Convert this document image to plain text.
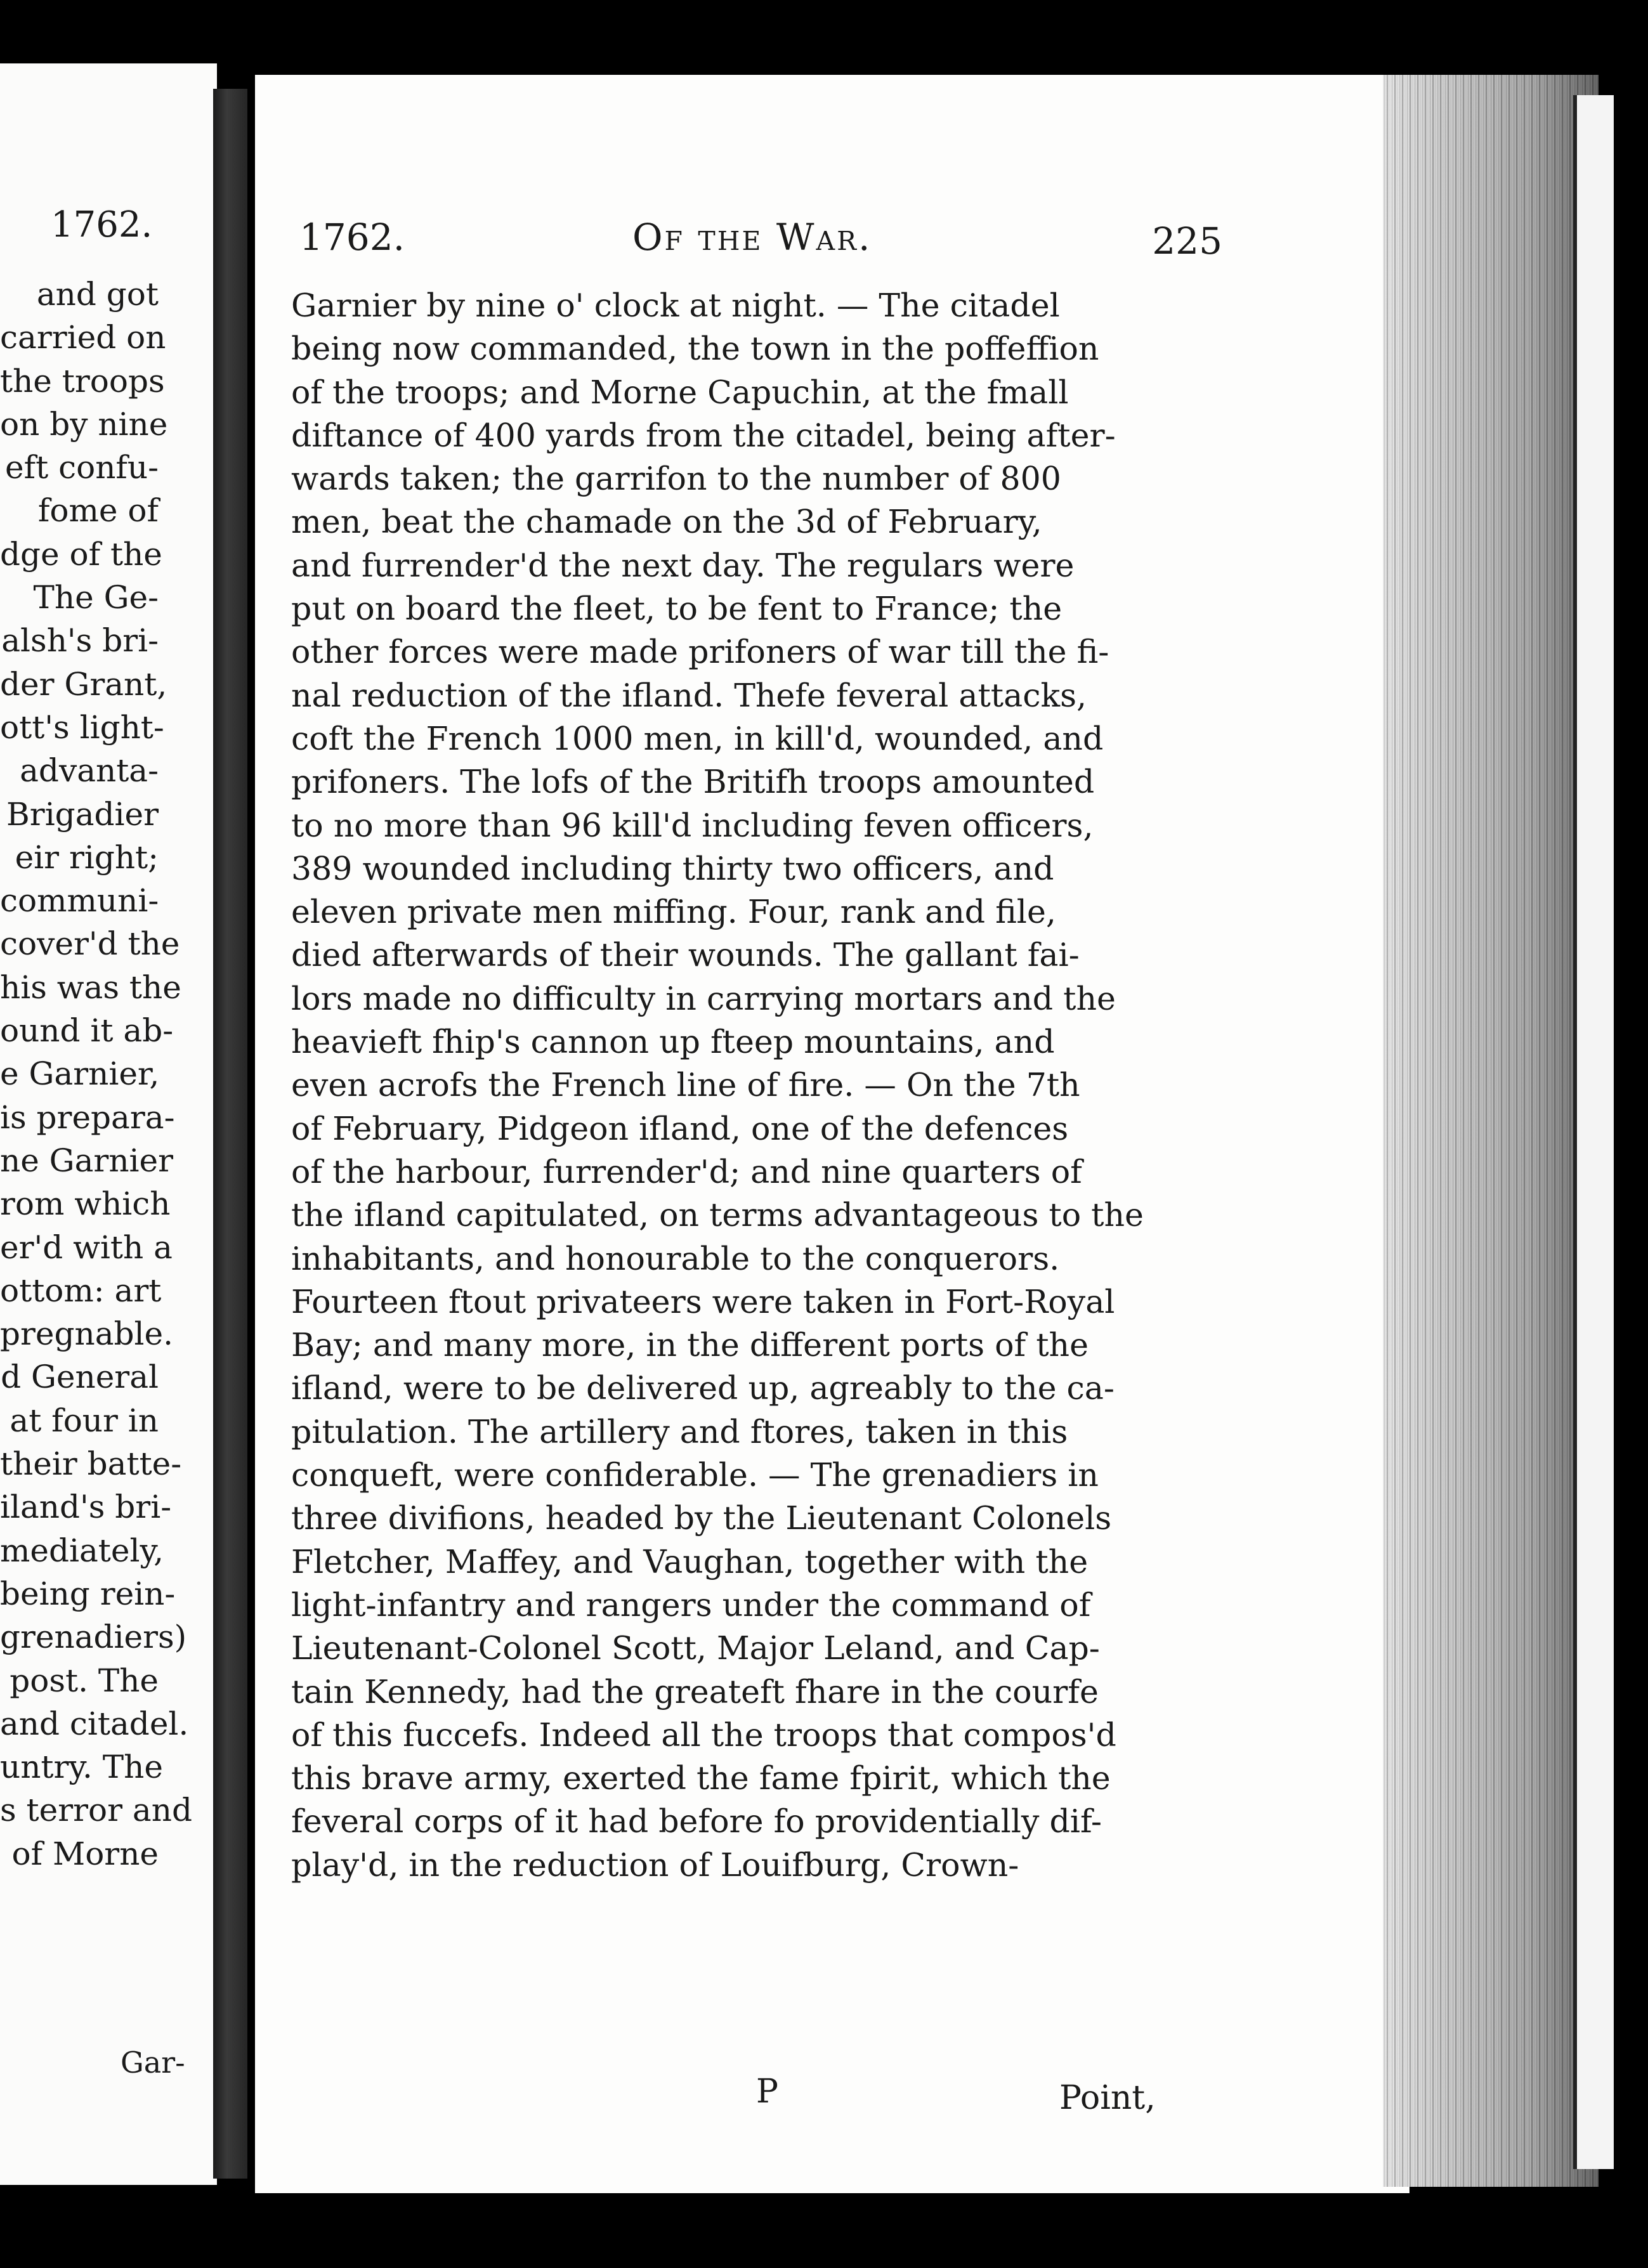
1762.
and got
carried on
the troops
on by nine
eft confu-
fome of
dge of the
The Ge-
alsh's bri-
der Grant,
ott's light-
advanta-
Brigadier
eir right;
communi-
cover'd the
his was the
ound it ab-
e Garnier,
is prepara-
ne Garnier
rom which
er'd with a
ottom: art
pregnable.
d General
at four in
their batte-
iland's bri-
mediately,
being rein-
grenadiers)
post. The
and citadel.
untry. The
s terror and
of Morne
Gar-
1762.	Of the War.	225
Garnier by nine o' clock at night. — The citadel
being now commanded, the town in the poffeffion
of the troops; and Morne Capuchin, at the fmall
diftance of 400 yards from the citadel, being after-
wards taken; the garrifon to the number of 800
men, beat the chamade on the 3d of February,
and furrender'd the next day. The regulars were
put on board the fleet, to be fent to France; the
other forces were made prifoners of war till the fi-
nal reduction of the ifland. Thefe feveral attacks,
coft the French 1000 men, in kill'd, wounded, and
prifoners. The lofs of the Britifh troops amounted
to no more than 96 kill'd including feven officers,
389 wounded including thirty two officers, and
eleven private men miffing. Four, rank and file,
died afterwards of their wounds. The gallant fai-
lors made no difficulty in carrying mortars and the
heavieft fhip's cannon up fteep mountains, and
even acrofs the French line of fire. — On the 7th
of February, Pidgeon ifland, one of the defences
of the harbour, furrender'd; and nine quarters of
the ifland capitulated, on terms advantageous to the
inhabitants, and honourable to the conquerors.
Fourteen ftout privateers were taken in Fort-Royal
Bay; and many more, in the different ports of the
ifland, were to be delivered up, agreably to the ca-
pitulation. The artillery and ftores, taken in this
conqueft, were confiderable. — The grenadiers in
three divifions, headed by the Lieutenant Colonels
Fletcher, Maffey, and Vaughan, together with the
light-infantry and rangers under the command of
Lieutenant-Colonel Scott, Major Leland, and Cap-
tain Kennedy, had the greateft fhare in the courfe
of this fuccefs. Indeed all the troops that compos'd
this brave army, exerted the fame fpirit, which the
feveral corps of it had before fo providentially dif-
play'd, in the reduction of Louifburg, Crown-
P	Point,
